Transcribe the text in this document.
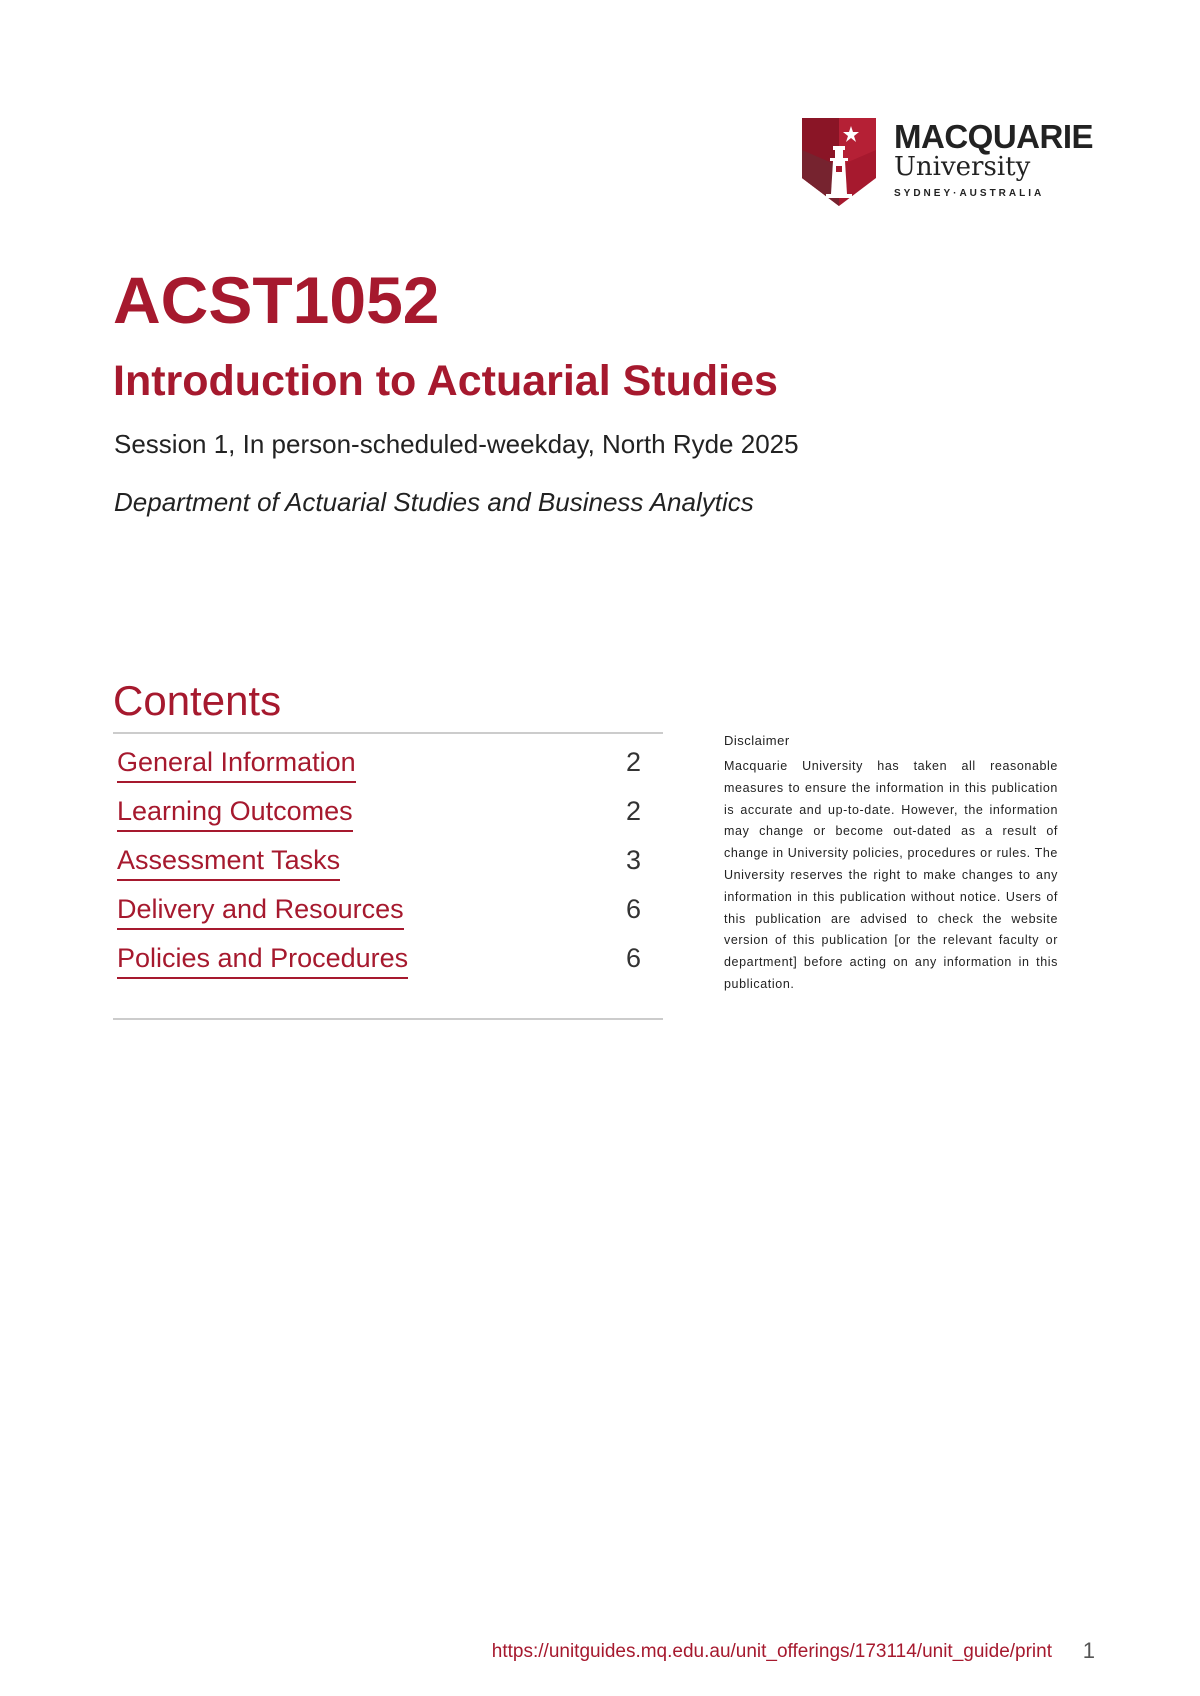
MACQUARIE
University
SYDNEY·AUSTRALIA
ACST1052
Introduction to Actuarial Studies

Session 1, In person-scheduled-weekday, North Ryde 2025

Department of Actuarial Studies and Business Analytics

Contents
General Information	2
Learning Outcomes	2
Assessment Tasks	3
Delivery and Resources	6
Policies and Procedures	6

Disclaimer

Macquarie University has taken all reasonable measures to ensure the information in this publication is accurate and up-to-date. However, the information may change or become out-dated as a result of change in University policies, procedures or rules. The University reserves the right to make changes to any information in this publication without notice. Users of this publication are advised to check the website version of this publication [or the relevant faculty or department] before acting on any information in this publication.

https://unitguides.mq.edu.au/unit_offerings/173114/unit_guide/print 1
